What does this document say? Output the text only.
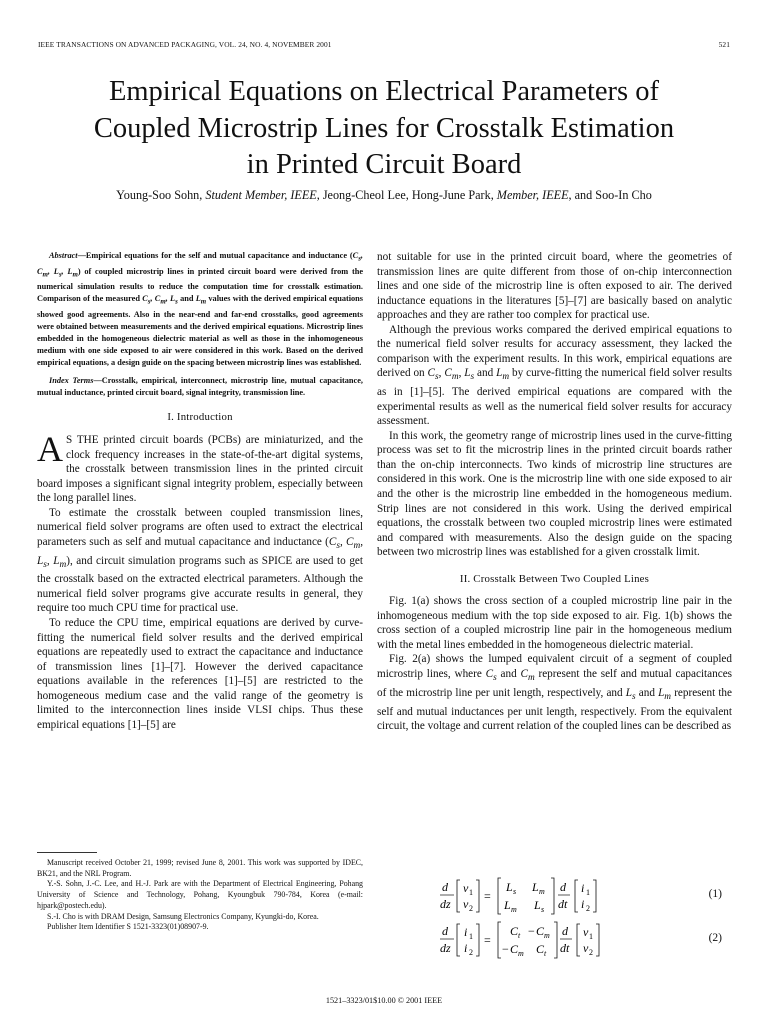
IEEE TRANSACTIONS ON ADVANCED PACKAGING, VOL. 24, NO. 4, NOVEMBER 2001	521
Empirical Equations on Electrical Parameters of
Coupled Microstrip Lines for Crosstalk Estimation
in Printed Circuit Board
Young-Soo Sohn, Student Member, IEEE, Jeong-Cheol Lee, Hong-June Park, Member, IEEE, and Soo-In Cho

Abstract—Empirical equations for the self and mutual capacitance and inductance ($C_s$, $C_m$, $L_s$, $L_m$) of coupled microstrip lines in printed circuit board were derived from the numerical simulation results to reduce the computation time for crosstalk estimation. Comparison of the measured $C_s$, $C_m$, $L_s$ and $L_m$ values with the derived empirical equations showed good agreements. Also in the near-end and far-end crosstalks, good agreements were obtained between measurements and the derived empirical equations. Microstrip lines embedded in the homogeneous dielectric material as well as those in the inhomogeneous medium with one side exposed to air were considered in this work. Based on the derived empirical equations, a design guide on the spacing between microstrip lines was established.

Index Terms—Crosstalk, empirical, interconnect, microstrip line, mutual capacitance, mutual inductance, printed circuit board, signal integrity, transmission line.

I. Introduction

A S THE printed circuit boards (PCBs) are miniaturized, and the clock frequency increases in the state-of-the-art digital systems, the crosstalk between transmission lines in the printed circuit board imposes a significant signal integrity problem, especially between the long parallel lines.

To estimate the crosstalk between coupled transmission lines, numerical field solver programs are often used to extract the electrical parameters such as self and mutual capacitance and inductance ($C_s$, $C_m$, $L_s$, $L_m$), and circuit simulation programs such as SPICE are used to get the crosstalk based on the extracted electrical parameters. Although the numerical field solver programs give accurate results in general, they require too much CPU time for practical use.

To reduce the CPU time, empirical equations are derived by curve-fitting the numerical field solver results and the derived empirical equations are repeatedly used to extract the capacitance and inductance of transmission lines [1]–[7]. However the derived capacitance equations available in the references [1]–[5] are restricted to the homogeneous medium case and the valid range of the geometry is limited to the interconnection lines inside VLSI chips. Thus these empirical equations [1]–[5] are

Manuscript received October 21, 1999; revised June 8, 2001. This work was supported by IDEC, BK21, and the NRL Program.

Y.-S. Sohn, J.-C. Lee, and H.-J. Park are with the Department of Electrical Engineering, Pohang University of Science and Technology, Pohang, Kyoungbuk 790-784, Korea (e-mail: hjpark@postech.edu).

S.-I. Cho is with DRAM Design, Samsung Electronics Company, Kyungki-do, Korea.

Publisher Item Identifier S 1521-3323(01)08907-9.

not suitable for use in the printed circuit board, where the geometries of transmission lines are quite different from those of on-chip interconnection lines and one side of the microstrip line is often exposed to air. The derived inductance equations in the literatures [5]–[7] are basically based on analytic approaches and they are rather too complex for practical use.

Although the previous works compared the derived empirical equations to the numerical field solver results for accuracy assessment, they lacked the comparison with the experiment results. In this work, empirical equations are derived on $C_s$, $C_m$, $L_s$ and $L_m$ by curve-fitting the numerical field solver results as in [1]–[5]. The derived empirical equations are compared with the experimental results as well as the numerical field solver results for accuracy assessment.

In this work, the geometry range of microstrip lines used in the curve-fitting process was set to fit the microstrip lines in the printed circuit boards rather than the on-chip interconnects. Two kinds of microstrip line structures are considered in this work. One is the microstrip line with one side exposed to air and the other is the microstrip line embedded in the homogeneous medium. Strip lines are not considered in this work. Using the derived empirical equations, the crosstalk between two coupled microstrip lines were estimated and compared with measurements. Also the design guide on the spacing between two microstrip lines was established for a given crosstalk limit.

II. Crosstalk Between Two Coupled Lines

Fig. 1(a) shows the cross section of a coupled microstrip line pair in the inhomogeneous medium with the top side exposed to air. Fig. 1(b) shows the cross section of a coupled microstrip line pair in the homogeneous medium with the metal lines embedded in the homogeneous dielectric material.

Fig. 2(a) shows the lumped equivalent circuit of a segment of coupled microstrip lines, where $C_s$ and $C_m$ represent the self and mutual capacitances of the microstrip line per unit length, respectively, and $L_s$ and $L_m$ represent the self and mutual inductances per unit length, respectively. From the equivalent circuit, the voltage and current relation of the coupled lines can be described as

d
dz
v 1
v 2
=
L s L m
L m L s
d
dt
i 1
i 2
(1)
d
dz
i 1
i 2
=
C t − C m
− C m C t
d
dt
v 1
v 2
(2)
1521–3323/01$10.00 © 2001 IEEE
